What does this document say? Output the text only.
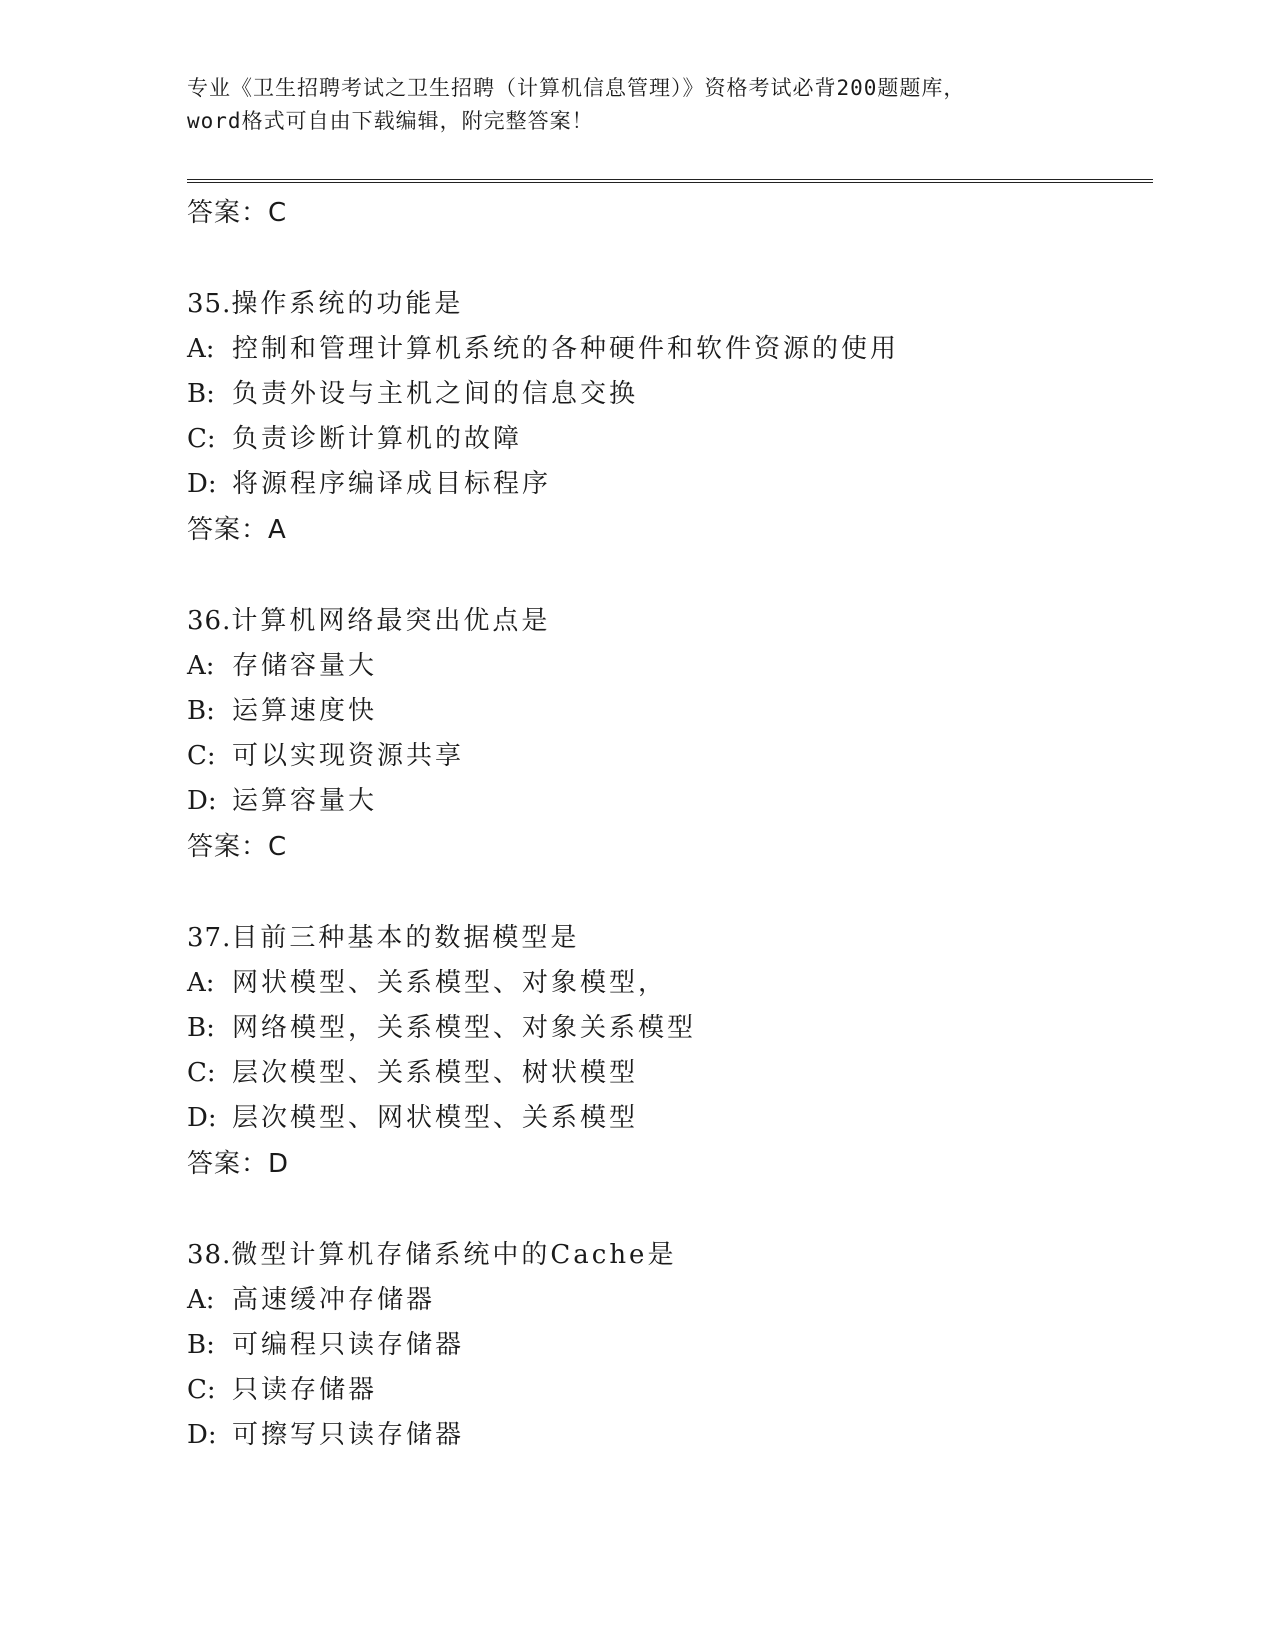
专业《卫生招聘考试之卫生招聘（计算机信息管理）》资格考试必背200题题库，
word格式可自由下载编辑，附完整答案！
答案：C
35.操作系统的功能是
A: 控制和管理计算机系统的各种硬件和软件资源的使用
B: 负责外设与主机之间的信息交换
C: 负责诊断计算机的故障
D: 将源程序编译成目标程序
答案：A
36.计算机网络最突出优点是
A: 存储容量大
B: 运算速度快
C: 可以实现资源共享
D: 运算容量大
答案：C
37.目前三种基本的数据模型是
A: 网状模型、关系模型、对象模型，
B: 网络模型，关系模型、对象关系模型
C: 层次模型、关系模型、树状模型
D: 层次模型、网状模型、关系模型
答案：D
38.微型计算机存储系统中的Cache是
A: 高速缓冲存储器
B: 可编程只读存储器
C: 只读存储器
D: 可擦写只读存储器
